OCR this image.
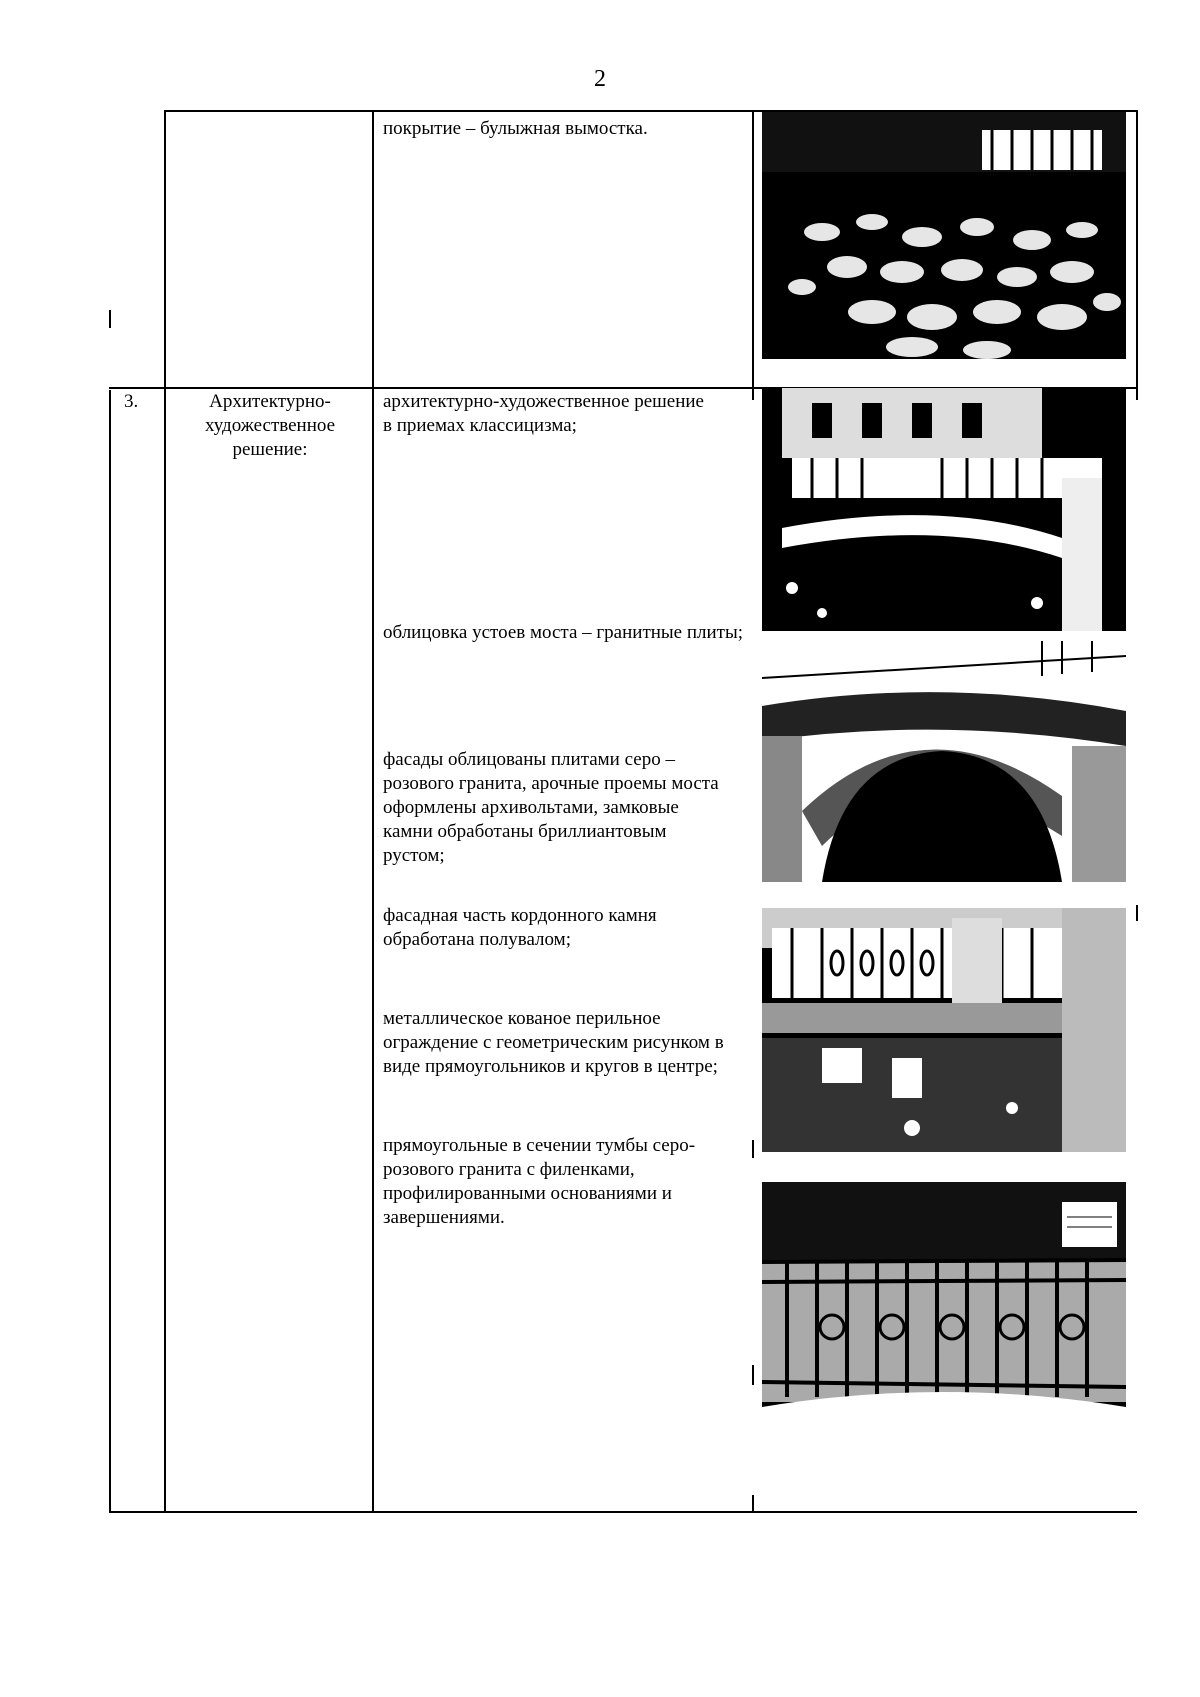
2
покрытие – булыжная вымостка.
3.	Архитектурно-художественное решение:
архитектурно-художественное решение в приемах классицизма;
облицовка устоев моста – гранитные плиты;
фасады облицованы плитами серо – розового гранита, арочные проемы моста оформлены архивольтами, замковые камни обработаны бриллиантовым рустом;
фасадная часть кордонного камня обработана полувалом;
металлическое кованое перильное ограждение с геометрическим рисунком в виде прямоугольников и кругов в центре;
прямоугольные в сечении тумбы серо-розового гранита с филенками, профилированными основаниями и завершениями.
